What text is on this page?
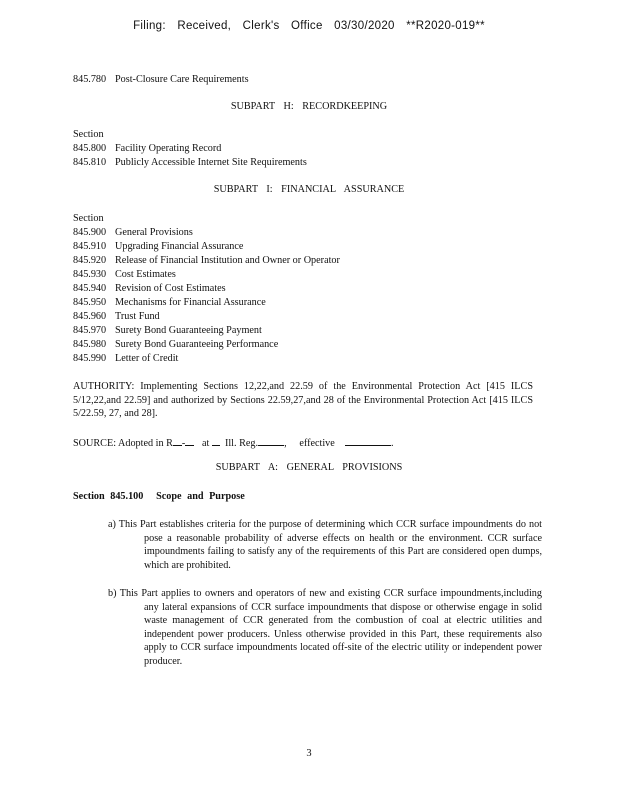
Filing: Received, Clerk's Office 03/30/2020 **R2020-019**
845.780 Post-Closure Care Requirements
SUBPART H: RECORDKEEPING
Section
845.800 Facility Operating Record
845.810 Publicly Accessible Internet Site Requirements
SUBPART I: FINANCIAL ASSURANCE
Section
845.900 General Provisions
845.910 Upgrading Financial Assurance
845.920 Release of Financial Institution and Owner or Operator
845.930 Cost Estimates
845.940 Revision of Cost Estimates
845.950 Mechanisms for Financial Assurance
845.960 Trust Fund
845.970 Surety Bond Guaranteeing Payment
845.980 Surety Bond Guaranteeing Performance
845.990 Letter of Credit
AUTHORITY: Implementing Sections 12,22,and 22.59 of the Environmental Protection Act [415 ILCS 5/12,22,and 22.59] and authorized by Sections 22.59,27,and 28 of the Environmental Protection Act [415 ILCS 5/22.59, 27, and 28].
SOURCE: Adopted in R - at Ill. Reg.	,     effective	.
SUBPART A: GENERAL PROVISIONS
Section 845.100 Scope and Purpose
a) This Part establishes criteria for the purpose of determining which CCR surface impoundments do not pose a reasonable probability of adverse effects on health or the environment. CCR surface impoundments failing to satisfy any of the requirements of this Part are considered open dumps, which are prohibited.
b) This Part applies to owners and operators of new and existing CCR surface impoundments,including any lateral expansions of CCR surface impoundments that dispose or otherwise engage in solid waste management of CCR generated from the combustion of coal at electric utilities and independent power producers. Unless otherwise provided in this Part, these requirements also apply to CCR surface impoundments located off-site of the electric utility or independent power producer.
3
